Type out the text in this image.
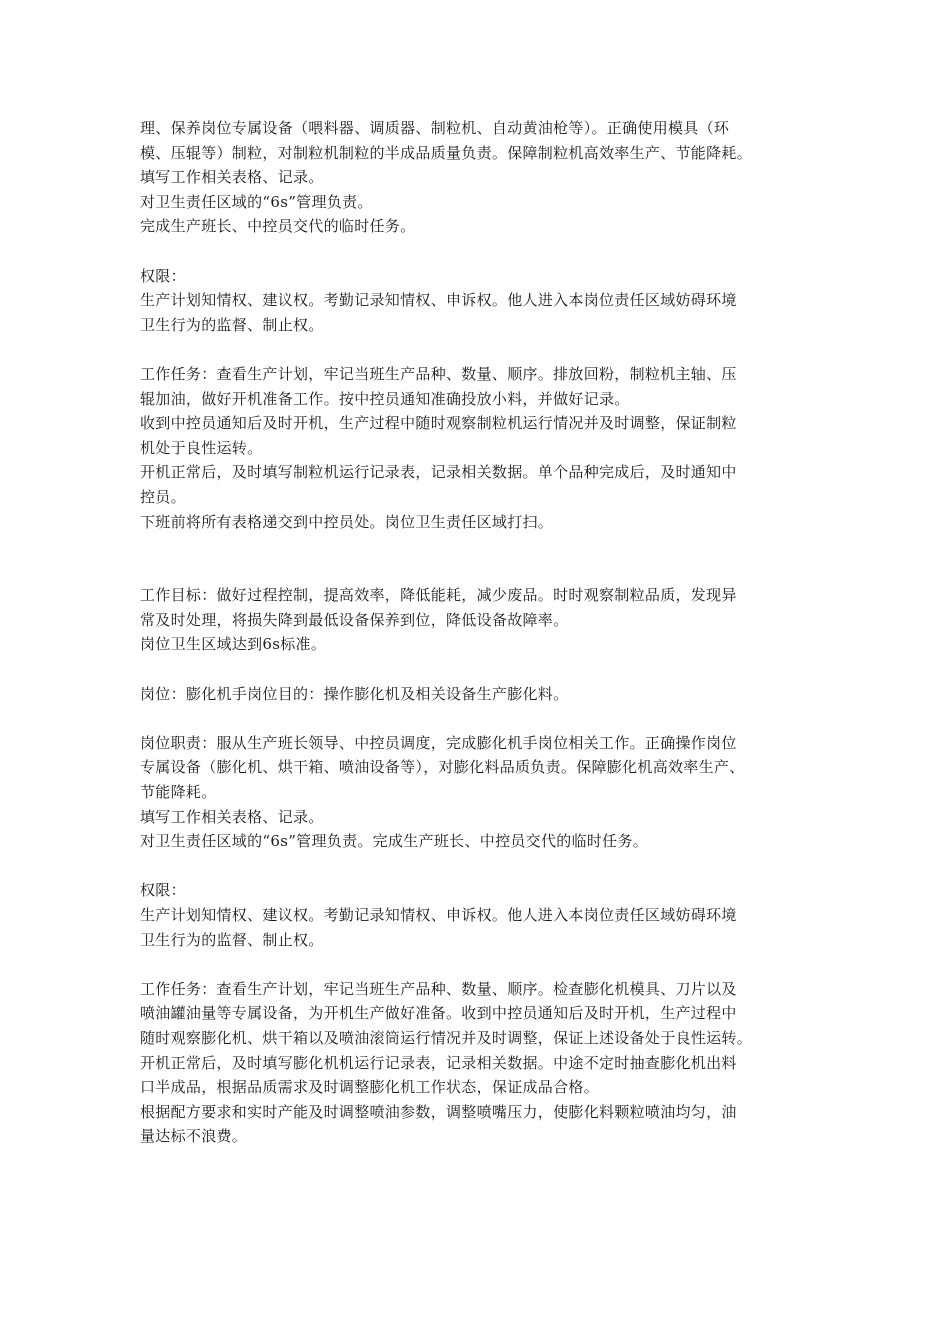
理、保养岗位专属设备（喂料器、调质器、制粒机、自动黄油枪等）。正确使用模具（环
模、压辊等）制粒，对制粒机制粒的半成品质量负责。保障制粒机高效率生产、节能降耗。
填写工作相关表格、记录。
对卫生责任区域的“6s”管理负责。
完成生产班长、中控员交代的临时任务。
权限：
生产计划知情权、建议权。考勤记录知情权、申诉权。他人进入本岗位责任区域妨碍环境
卫生行为的监督、制止权。
工作任务：查看生产计划，牢记当班生产品种、数量、顺序。排放回粉，制粒机主轴、压
辊加油，做好开机准备工作。按中控员通知准确投放小料，并做好记录。
收到中控员通知后及时开机，生产过程中随时观察制粒机运行情况并及时调整，保证制粒
机处于良性运转。
开机正常后，及时填写制粒机运行记录表，记录相关数据。单个品种完成后，及时通知中
控员。
下班前将所有表格递交到中控员处。岗位卫生责任区域打扫。
工作目标：做好过程控制，提高效率，降低能耗，减少废品。时时观察制粒品质，发现异
常及时处理，将损失降到最低设备保养到位，降低设备故障率。
岗位卫生区域达到6s标准。
岗位：膨化机手岗位目的：操作膨化机及相关设备生产膨化料。
岗位职责：服从生产班长领导、中控员调度，完成膨化机手岗位相关工作。正确操作岗位
专属设备（膨化机、烘干箱、喷油设备等），对膨化料品质负责。保障膨化机高效率生产、
节能降耗。
填写工作相关表格、记录。
对卫生责任区域的“6s”管理负责。完成生产班长、中控员交代的临时任务。
权限：
生产计划知情权、建议权。考勤记录知情权、申诉权。他人进入本岗位责任区域妨碍环境
卫生行为的监督、制止权。
工作任务：查看生产计划，牢记当班生产品种、数量、顺序。检查膨化机模具、刀片以及
喷油罐油量等专属设备，为开机生产做好准备。收到中控员通知后及时开机，生产过程中
随时观察膨化机、烘干箱以及喷油滚筒运行情况并及时调整，保证上述设备处于良性运转。
开机正常后，及时填写膨化机机运行记录表，记录相关数据。中途不定时抽查膨化机出料
口半成品，根据品质需求及时调整膨化机工作状态，保证成品合格。
根据配方要求和实时产能及时调整喷油参数，调整喷嘴压力，使膨化料颗粒喷油均匀，油
量达标不浪费。
